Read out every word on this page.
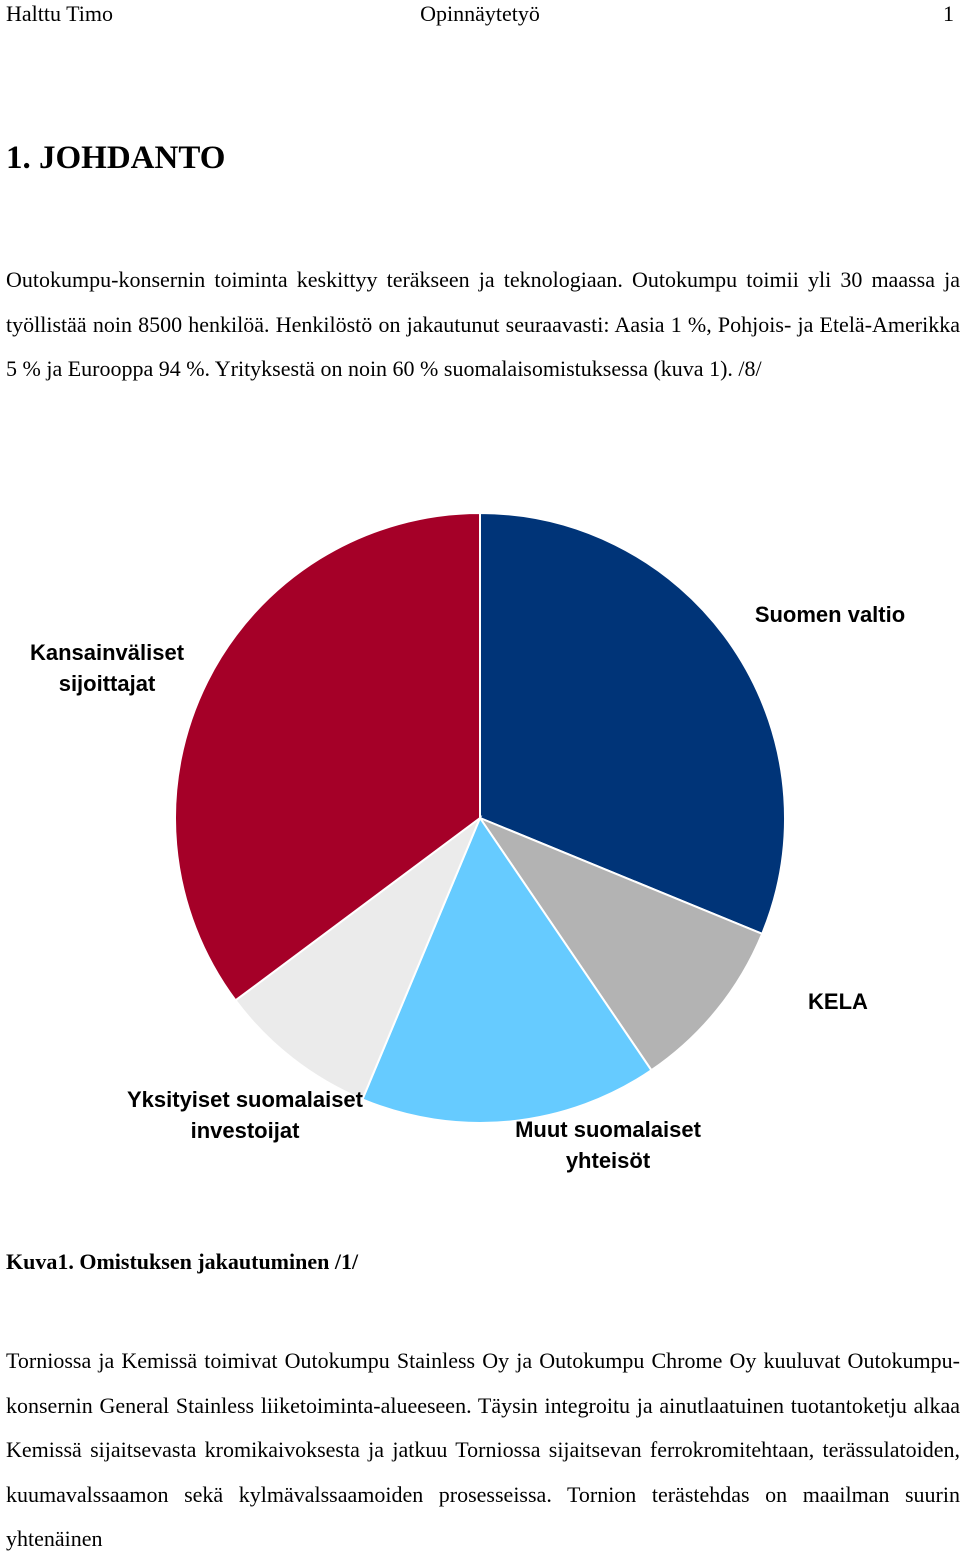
Halttu Timo	Opinnäytetyö	1
1. JOHDANTO

Outokumpu-konsernin toiminta keskittyy teräkseen ja teknologiaan. Outokumpu toimii yli 30 maassa ja työllistää noin 8500 henkilöä. Henkilöstö on jakautunut seuraavasti: Aasia 1 %, Pohjois- ja Etelä-Amerikka 5 % ja Eurooppa 94 %. Yrityksestä on noin 60 % suomalaisomistuksessa (kuva 1). /8/

Suomen valtio
KELA
Muut suomalaiset yhteisöt
Yksityiset suomalaiset investoijat
Kansainväliset sijoittajat

Kuva1. Omistuksen jakautuminen /1/

Torniossa ja Kemissä toimivat Outokumpu Stainless Oy ja Outokumpu Chrome Oy kuuluvat Outokumpu-konsernin General Stainless liiketoiminta-alueeseen. Täysin integroitu ja ainutlaatuinen tuotantoketju alkaa Kemissä sijaitsevasta kromikaivoksesta ja jatkuu Torniossa sijaitsevan ferrokromitehtaan, terässulatoiden, kuumavalssaamon sekä kylmävalssaamoiden prosesseissa. Tornion terästehdas on maailman suurin yhtenäinen
